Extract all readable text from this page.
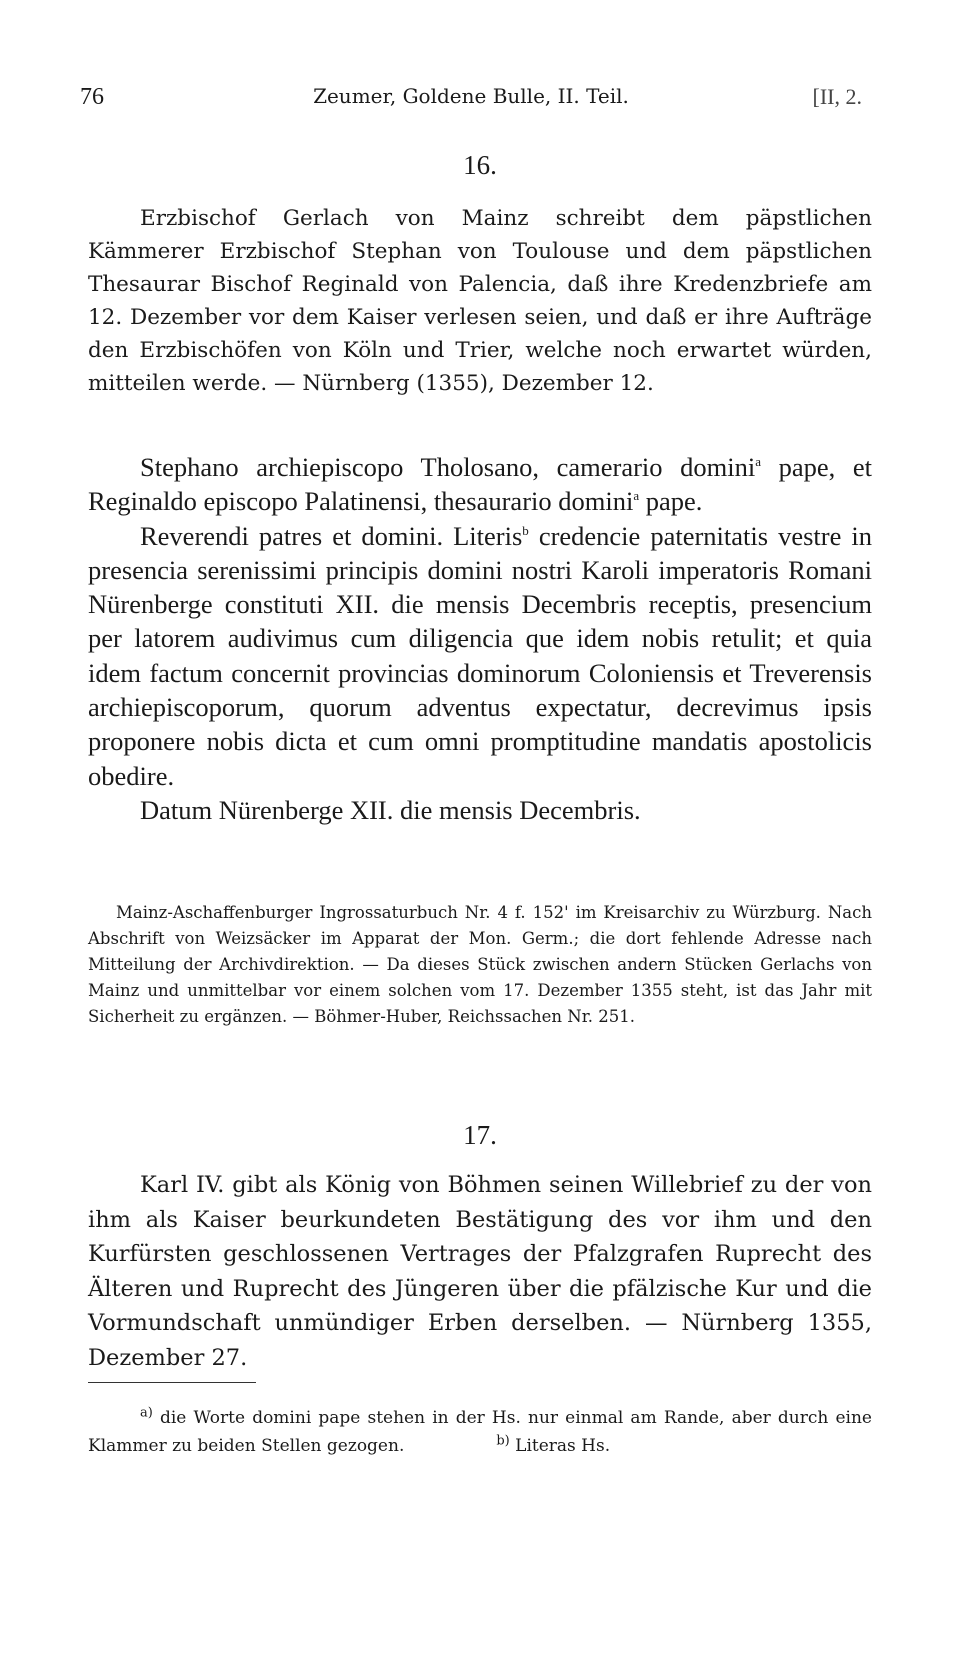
76	Zeumer, Goldene Bulle, II. Teil.	[II, 2.
16.

Erzbischof Gerlach von Mainz schreibt dem päpstlichen Kämmerer Erzbischof Stephan von Toulouse und dem päpstlichen Thesaurar Bischof Reginald von Palencia, daß ihre Kredenzbriefe am 12. Dezember vor dem Kaiser verlesen seien, und daß er ihre Aufträge den Erzbischöfen von Köln und Trier, welche noch erwartet würden, mitteilen werde. — Nürnberg (1355), Dezember 12.

Stephano archiepiscopo Tholosano, camerario domini$^a$ pape, et Reginaldo episcopo Palatinensi, thesaurario domini$^a$ pape.

Reverendi patres et domini. Literis$^b$ credencie paternitatis vestre in presencia serenissimi principis domini nostri Karoli imperatoris Romani Nürenberge constituti XII. die mensis Decembris receptis, presencium per latorem audivimus cum diligencia que idem nobis retulit; et quia idem factum concernit provincias dominorum Coloniensis et Treverensis archiepiscoporum, quorum adventus expectatur, decrevimus ipsis proponere nobis dicta et cum omni promptitudine mandatis apostolicis obedire.

Datum Nürenberge XII. die mensis Decembris.

Mainz-Aschaffenburger Ingrossaturbuch Nr. 4 f. 152' im Kreisarchiv zu Würzburg. Nach Abschrift von Weizsäcker im Apparat der Mon. Germ.; die dort fehlende Adresse nach Mitteilung der Archivdirektion. — Da dieses Stück zwischen andern Stücken Gerlachs von Mainz und unmittelbar vor einem solchen vom 17. Dezember 1355 steht, ist das Jahr mit Sicherheit zu ergänzen. — Böhmer-Huber, Reichssachen Nr. 251.

17.

Karl IV. gibt als König von Böhmen seinen Willebrief zu der von ihm als Kaiser beurkundeten Bestätigung des vor ihm und den Kurfürsten geschlossenen Vertrages der Pfalzgrafen Ruprecht des Älteren und Ruprecht des Jüngeren über die pfälzische Kur und die Vormundschaft unmündiger Erben derselben. — Nürnberg 1355, Dezember 27.

$^{a)}$ die Worte domini pape stehen in der Hs. nur einmal am Rande, aber durch eine Klammer zu beiden Stellen gezogen.	$^{b)}$ Literas Hs.
